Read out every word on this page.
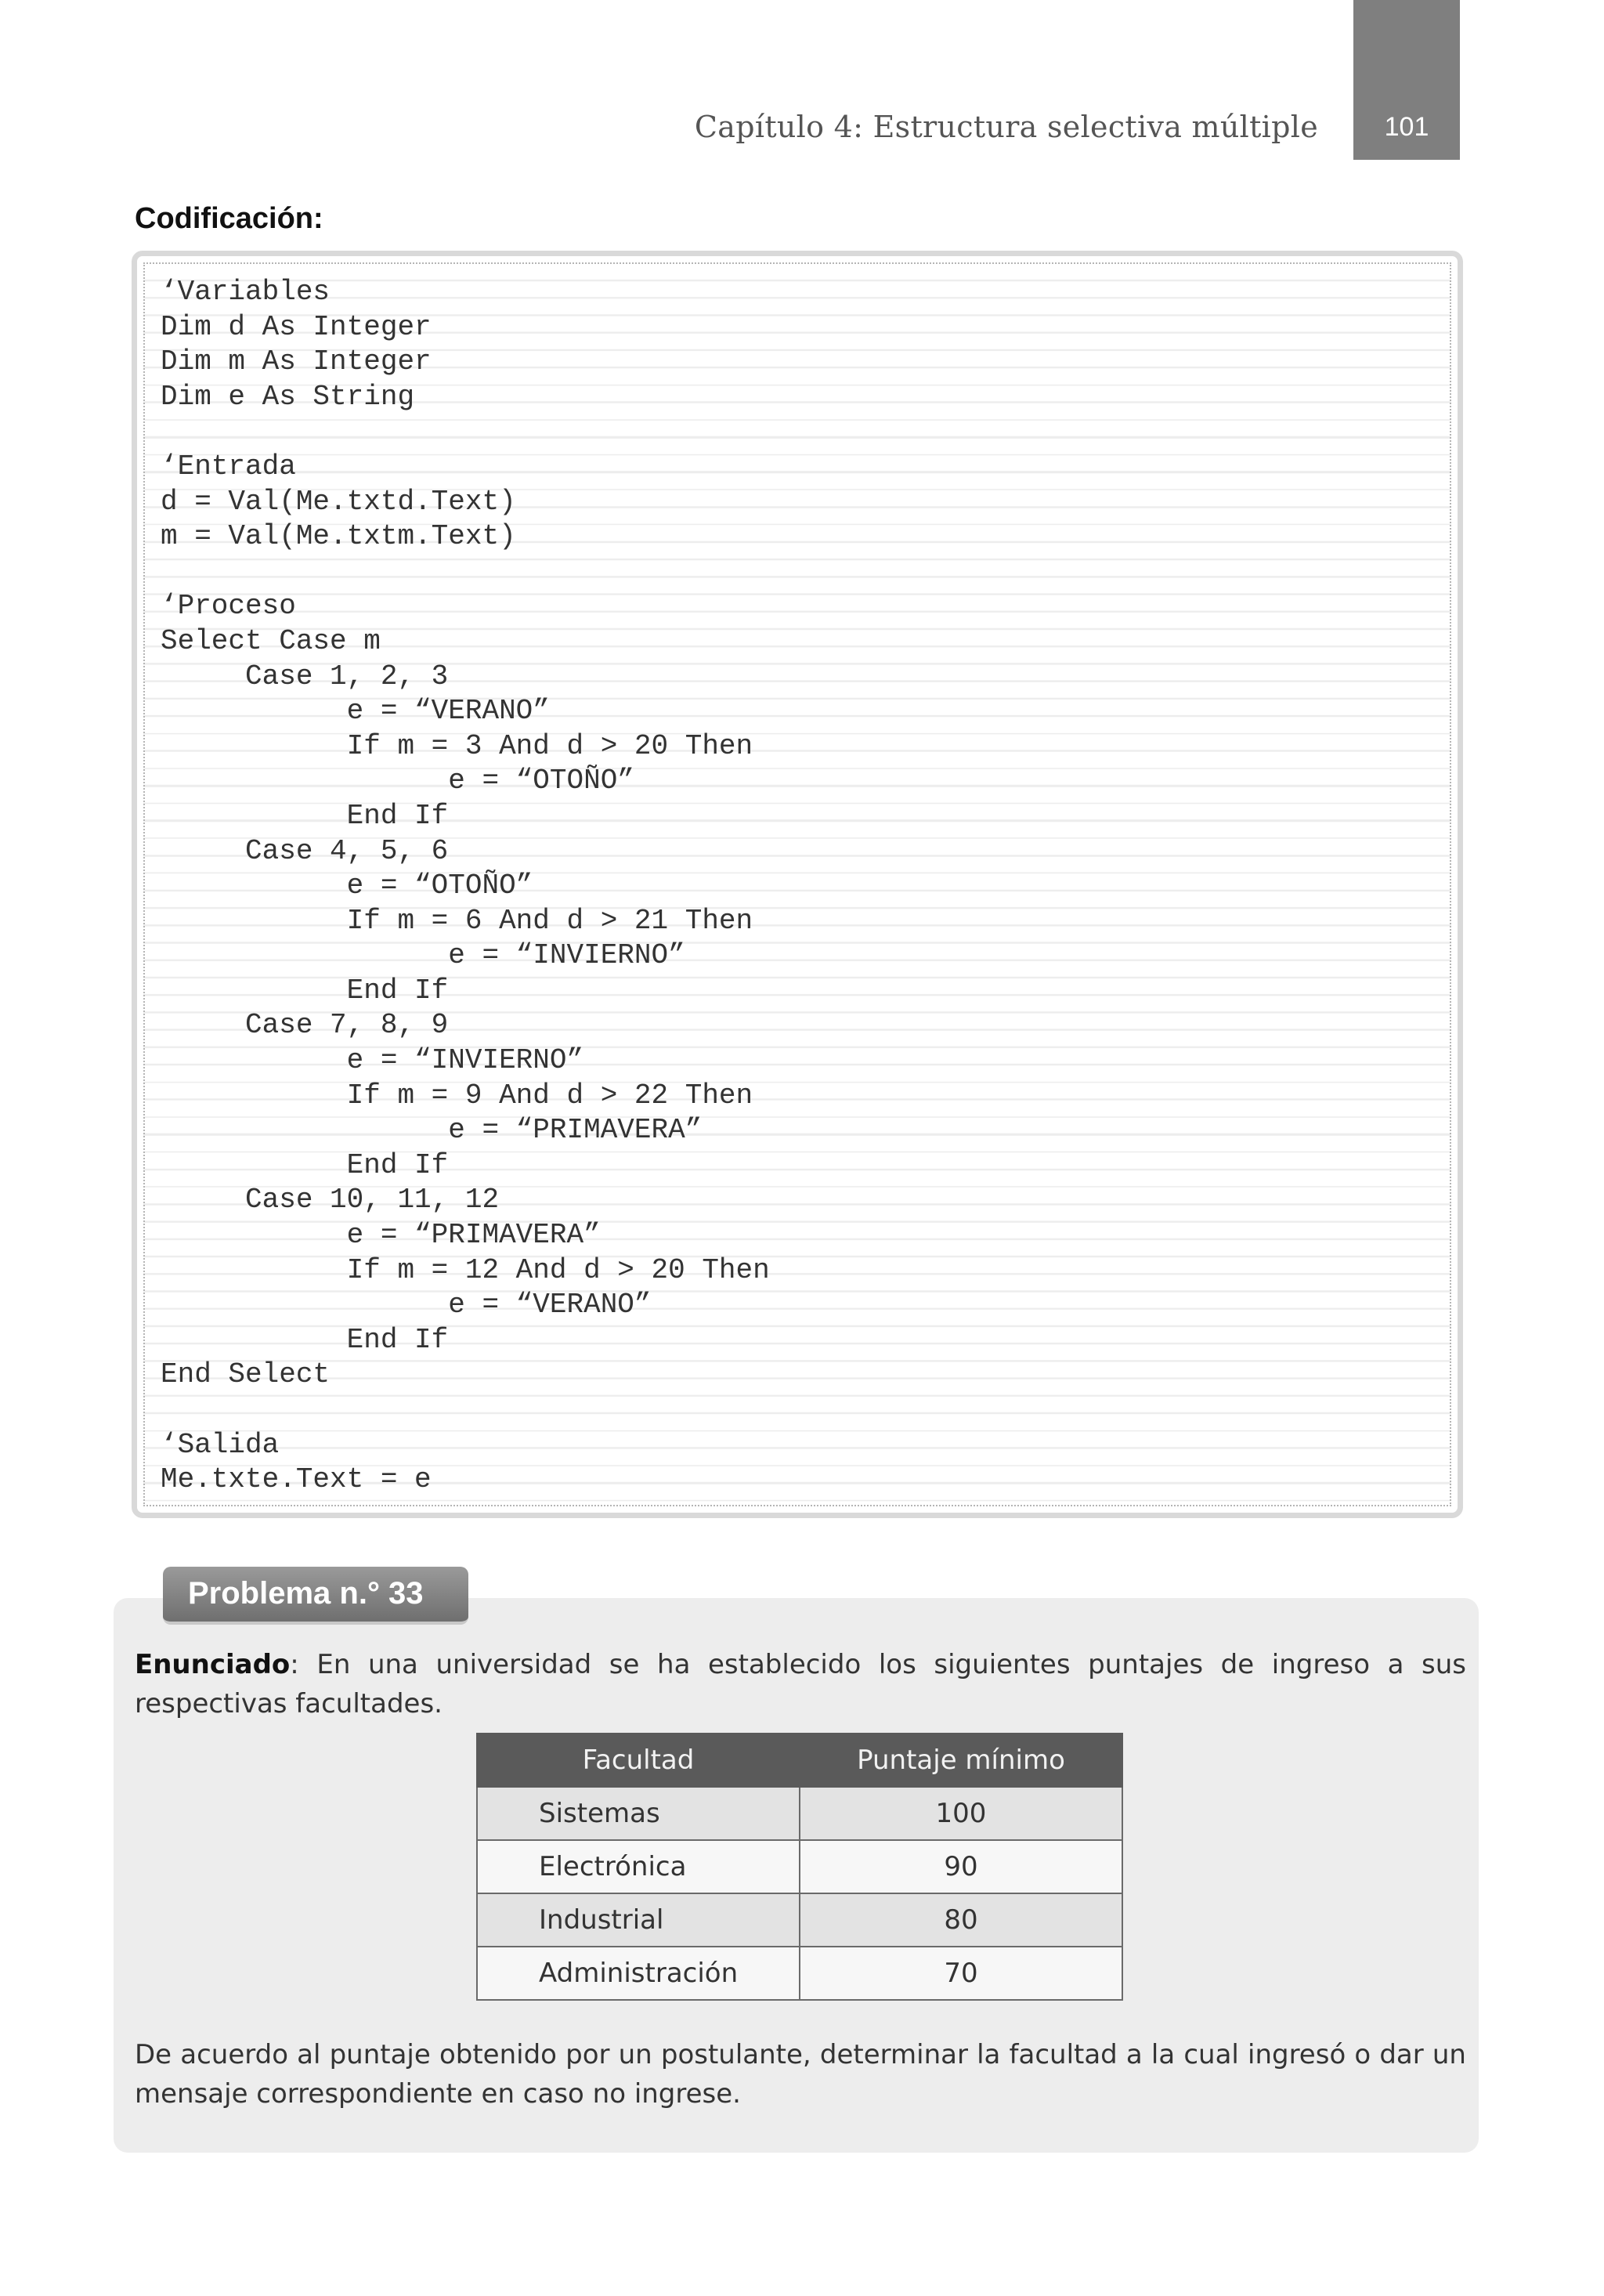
Capítulo 4: Estructura selectiva múltiple	101
Codificación:
‘Variables
Dim d As Integer
Dim m As Integer
Dim e As String

‘Entrada
d = Val(Me.txtd.Text)
m = Val(Me.txtm.Text)

‘Proceso
Select Case m
Case 1, 2, 3
e = “VERANO”
If m = 3 And d > 20 Then
e = “OTOÑO”
End If
Case 4, 5, 6
e = “OTOÑO”
If m = 6 And d > 21 Then
e = “INVIERNO”
End If
Case 7, 8, 9
e = “INVIERNO”
If m = 9 And d > 22 Then
e = “PRIMAVERA”
End If
Case 10, 11, 12
e = “PRIMAVERA”
If m = 12 And d > 20 Then
e = “VERANO”
End If
End Select

‘Salida
Me.txte.Text = e
Problema n.° 33

Enunciado: En una universidad se ha establecido los siguientes puntajes de ingreso a sus respectivas facultades.

Facultad	Puntaje mínimo
Sistemas	100
Electrónica	90
Industrial	80
Administración	70

De acuerdo al puntaje obtenido por un postulante, determinar la facultad a la cual ingresó o dar un mensaje correspondiente en caso no ingrese.
